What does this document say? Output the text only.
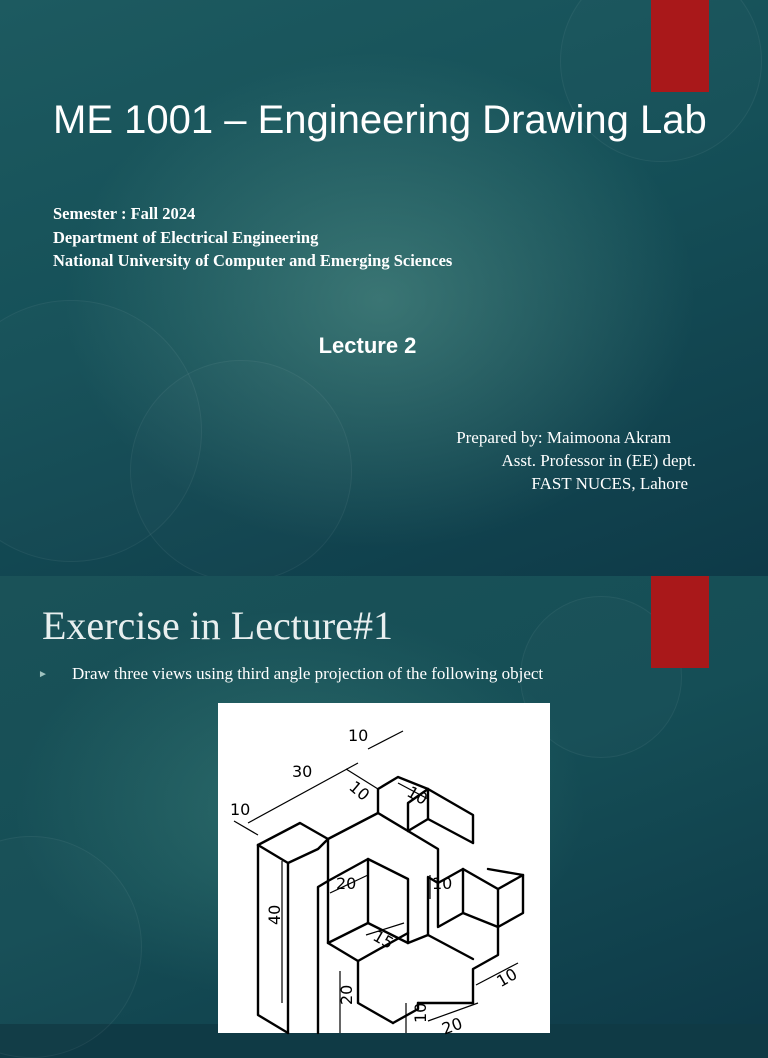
ME 1001 – Engineering Drawing Lab
Semester : Fall 2024
Department of Electrical Engineering
National University of Computer and Emerging Sciences
Lecture 2
Prepared by: Maimoona Akram
Asst. Professor in (EE) dept.
FAST NUCES, Lahore
Exercise in Lecture#1
►	Draw three views using third angle projection of the following object
10
30
10
10 10
20	10
40
15
20
10
10
20
